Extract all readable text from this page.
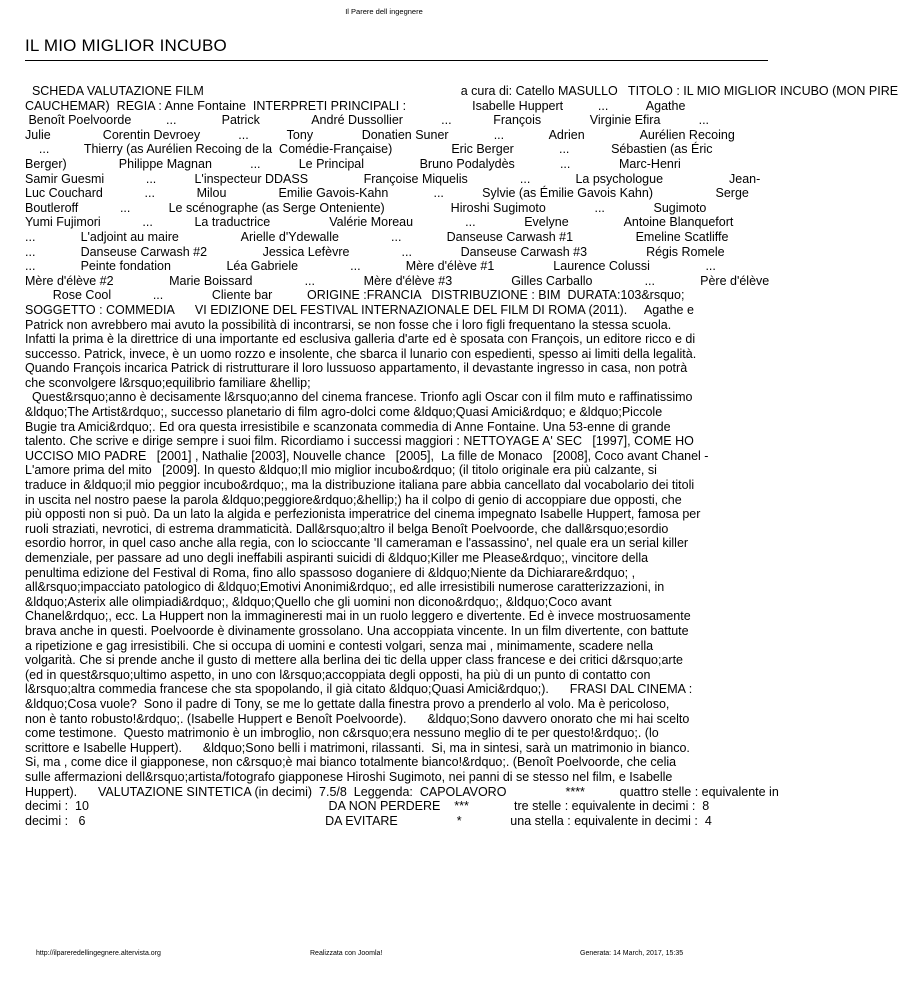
Il Parere dell ingegnere
IL MIO MIGLIOR INCUBO
SCHEDA VALUTAZIONE FILM                                                                          a cura di: Catello MASULLO   TITOLO : IL MIO MIGLIOR INCUBO (MON PIRE
CAUCHEMAR)  REGIA : Anne Fontaine  INTERPRETI PRINCIPALI :                   Isabelle Huppert          ...           Agathe
Benoît Poelvoorde          ...             Patrick               André Dussollier           ...            François              Virginie Efira           ...
Julie               Corentin Devroey           ...           Tony              Donatien Suner             ...             Adrien                Aurélien Recoing
...          Thierry (as Aurélien Recoing de la  Comédie-Française)                 Eric Berger             ...            Sébastien (as Éric
Berger)               Philippe Magnan           ...           Le Principal                Bruno Podalydès             ...              Marc-Henri
Samir Guesmi            ...           L'inspecteur DDASS                Françoise Miquelis               ...             La psychologue                   Jean-
Luc Couchard            ...            Milou               Emilie Gavois-Kahn             ...           Sylvie (as Émilie Gavois Kahn)                  Serge
Boutleroff            ...           Le scénographe (as Serge Onteniente)                   Hiroshi Sugimoto              ...              Sugimoto
Yumi Fujimori            ...            La traductrice                 Valérie Moreau               ...              Evelyne                Antoine Blanquefort
...             L'adjoint au maire                  Arielle d'Ydewalle               ...             Danseuse Carwash #1                  Emeline Scatliffe
...             Danseuse Carwash #2                Jessica Lefèvre               ...              Danseuse Carwash #3                 Régis Romele
...             Peinte fondation                Léa Gabriele               ...             Mère d'élève #1                 Laurence Colussi                ...
Mère d'élève #2                Marie Boissard               ...              Mère d'élève #3                 Gilles Carballo               ...             Père d'élève
Rose Cool            ...              Cliente bar          ORIGINE :FRANCIA   DISTRIBUZIONE : BIM  DURATA:103&rsquo;
SOGGETTO : COMMEDIA      VI EDIZIONE DEL FESTIVAL INTERNAZIONALE DEL FILM DI ROMA (2011).     Agathe e
Patrick non avrebbero mai avuto la possibilità di incontrarsi, se non fosse che i loro figli frequentano la stessa scuola.
Infatti la prima è la direttrice di una importante ed esclusiva galleria d'arte ed è sposata con François, un editore ricco e di
successo. Patrick, invece, è un uomo rozzo e insolente, che sbarca il lunario con espedienti, spesso ai limiti della legalità.
Quando François incarica Patrick di ristrutturare il loro lussuoso appartamento, il devastante ingresso in casa, non potrà
che sconvolgere l&rsquo;equilibrio familiare &hellip;
Quest&rsquo;anno è decisamente l&rsquo;anno del cinema francese. Trionfo agli Oscar con il film muto e raffinatissimo
&ldquo;The Artist&rdquo;, successo planetario di film agro-dolci come &ldquo;Quasi Amici&rdquo; e &ldquo;Piccole
Bugie tra Amici&rdquo;. Ed ora questa irresistibile e scanzonata commedia di Anne Fontaine. Una 53-enne di grande
talento. Che scrive e dirige sempre i suoi film. Ricordiamo i successi maggiori : NETTOYAGE A' SEC   [1997], COME HO
UCCISO MIO PADRE   [2001] , Nathalie [2003], Nouvelle chance   [2005],  La fille de Monaco   [2008], Coco avant Chanel -
L'amore prima del mito   [2009]. In questo &ldquo;Il mio miglior incubo&rdquo; (il titolo originale era più calzante, si
traduce in &ldquo;il mio peggior incubo&rdquo;, ma la distribuzione italiana pare abbia cancellato dal vocabolario dei titoli
in uscita nel nostro paese la parola &ldquo;peggiore&rdquo;&hellip;) ha il colpo di genio di accoppiare due opposti, che
più opposti non si può. Da un lato la algida e perfezionista imperatrice del cinema impegnato Isabelle Huppert, famosa per
ruoli straziati, nevrotici, di estrema drammaticità. Dall&rsquo;altro il belga Benoît Poelvoorde, che dall&rsquo;esordio
esordio horror, in quel caso anche alla regia, con lo scioccante 'Il cameraman e l'assassino', nel quale era un serial killer
demenziale, per passare ad uno degli ineffabili aspiranti suicidi di &ldquo;Killer me Please&rdquo;, vincitore della
penultima edizione del Festival di Roma, fino allo spassoso doganiere di &ldquo;Niente da Dichiarare&rdquo; ,
all&rsquo;impacciato patologico di &ldquo;Emotivi Anonimi&rdquo;, ed alle irresistibili numerose caratterizzazioni, in
&ldquo;Asterix alle olimpiadi&rdquo;, &ldquo;Quello che gli uomini non dicono&rdquo;, &ldquo;Coco avant
Chanel&rdquo;, ecc. La Huppert non la immagineresti mai in un ruolo leggero e divertente. Ed è invece mostruosamente
brava anche in questi. Poelvoorde è divinamente grossolano. Una accoppiata vincente. In un film divertente, con battute
a ripetizione e gag irresistibili. Che si occupa di uomini e contesti volgari, senza mai , minimamente, scadere nella
volgarità. Che si prende anche il gusto di mettere alla berlina dei tic della upper class francese e dei critici d&rsquo;arte
(ed in quest&rsquo;ultimo aspetto, in uno con l&rsquo;accoppiata degli opposti, ha più di un punto di contatto con
l&rsquo;altra commedia francese che sta spopolando, il già citato &ldquo;Quasi Amici&rdquo;).      FRASI DAL CINEMA :
&ldquo;Cosa vuole?  Sono il padre di Tony, se me lo gettate dalla finestra provo a prenderlo al volo. Ma è pericoloso,
non è tanto robusto!&rdquo;. (Isabelle Huppert e Benoît Poelvoorde).      &ldquo;Sono davvero onorato che mi hai scelto
come testimone.  Questo matrimonio è un imbroglio, non c&rsquo;era nessuno meglio di te per questo!&rdquo;. (lo
scrittore e Isabelle Huppert).      &ldquo;Sono belli i matrimoni, rilassanti.  Si, ma in sintesi, sarà un matrimonio in bianco.
Si, ma , come dice il giapponese, non c&rsquo;è mai bianco totalmente bianco!&rdquo;. (Benoît Poelvoorde, che celia
sulle affermazioni dell&rsquo;artista/fotografo giapponese Hiroshi Sugimoto, nei panni di se stesso nel film, e Isabelle
Huppert).      VALUTAZIONE SINTETICA (in decimi)  7.5/8  Leggenda:  CAPOLAVORO                 ****          quattro stelle : equivalente in
decimi :  10                                                                     DA NON PERDERE    ***             tre stelle : equivalente in decimi :  8
decimi :   6                                                                     DA EVITARE                 *              una stella : equivalente in decimi :  4
http://ilpareredellingegnere.altervista.org	Realizzata con Joomla!	Generata: 14 March, 2017, 15:35
